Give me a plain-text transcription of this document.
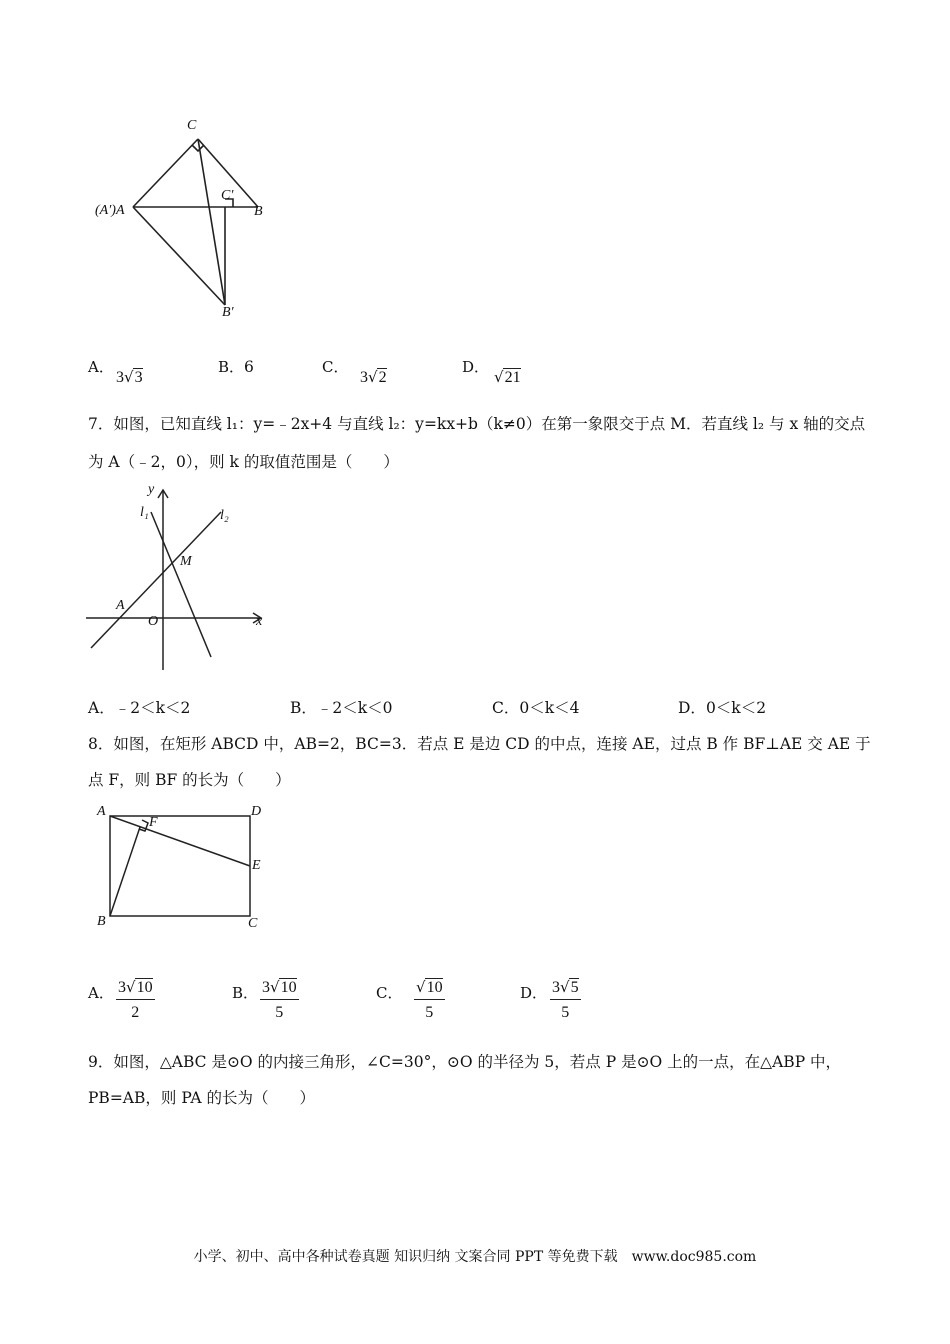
C
C′
(A′)A	B
B′
A．
3√3
B．6	C．
3√2
D．
√21
7．如图，已知直线 l₁：y=﹣2x+4 与直线 l₂：y=kx+b（k≠0）在第一象限交于点 M．若直线 l₂ 与 x 轴的交点
为 A（﹣2，0），则 k 的取值范围是（　　）
y
l₁	l₂
M
A
O	x
A．﹣2＜k＜2	B．﹣2＜k＜0	C．0＜k＜4	D．0＜k＜2
8．如图，在矩形 ABCD 中，AB=2，BC=3．若点 E 是边 CD 的中点，连接 AE，过点 B 作 BF⊥AE 交 AE 于
点 F，则 BF 的长为（　　）
A	D
F
E
B	C
A． $\frac{3√10}{2}$	B． $\frac{3√10}{5}$	C． $\frac{√10}{5}$	D． $\frac{3√5}{5}$
9．如图，△ABC 是⊙O 的内接三角形，∠C=30°，⊙O 的半径为 5，若点 P 是⊙O 上的一点，在△ABP 中，
PB=AB，则 PA 的长为（　　）
小学、初中、高中各种试卷真题 知识归纳 文案合同 PPT 等免费下载　www.doc985.com
